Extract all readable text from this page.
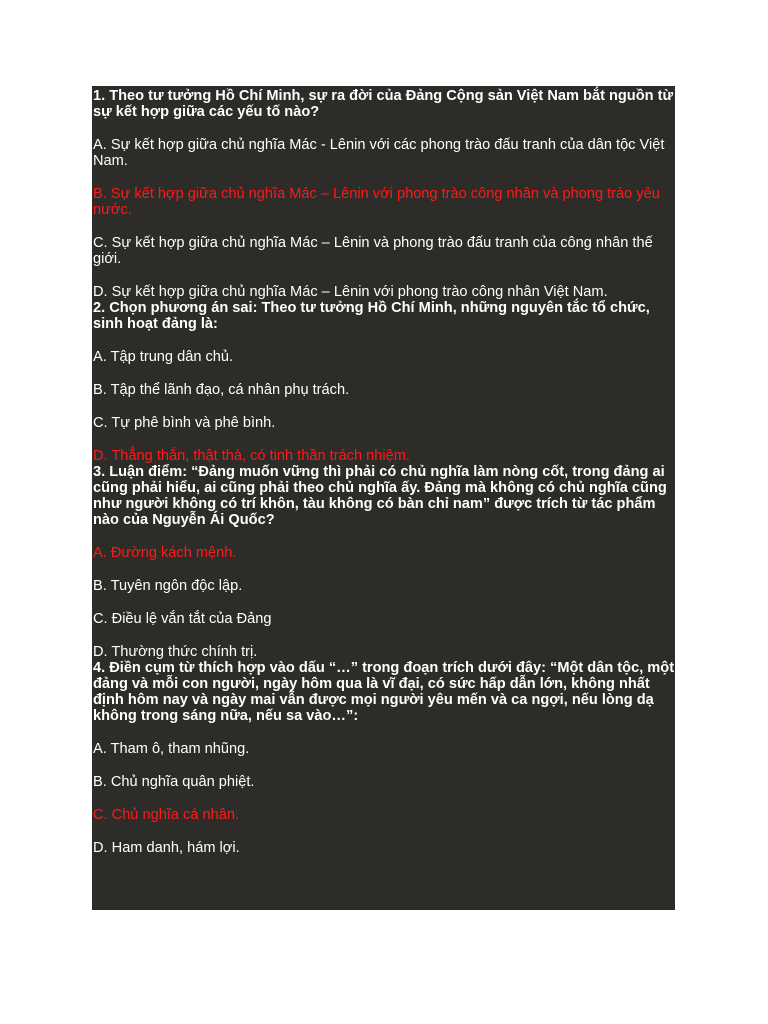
1. Theo tư tưởng Hồ Chí Minh, sự ra đời của Đảng Cộng sản Việt Nam bắt nguồn từ sự kết hợp giữa các yếu tố nào?
A. Sự kết hợp giữa chủ nghĩa Mác - Lênin với các phong trào đấu tranh của dân tộc Việt Nam.
B. Sự kết hợp giữa chủ nghĩa Mác – Lênin với phong trào công nhân và phong trào yêu nước.
C. Sự kết hợp giữa chủ nghĩa Mác – Lênin và phong trào đấu tranh của công nhân thế giới.
D. Sự kết hợp giữa chủ nghĩa Mác – Lênin với phong trào công nhân Việt Nam.
2. Chọn phương án sai: Theo tư tưởng Hồ Chí Minh, những nguyên tắc tổ chức, sinh hoạt đảng là:
A. Tập trung dân chủ.
B. Tập thể lãnh đạo, cá nhân phụ trách.
C. Tự phê bình và phê bình.
D. Thẳng thắn, thật thà, có tinh thần trách nhiệm.
3. Luận điểm: “Đảng muốn vững thì phải có chủ nghĩa làm nòng cốt, trong đảng ai cũng phải hiểu, ai cũng phải theo chủ nghĩa ấy. Đảng mà không có chủ nghĩa cũng như người không có trí khôn, tàu không có bàn chỉ nam” được trích từ tác phẩm nào của Nguyễn Ái Quốc?
A. Đường kách mệnh.
B. Tuyên ngôn độc lập.
C. Điều lệ vắn tắt của Đảng
D. Thường thức chính trị.
4. Điền cụm từ thích hợp vào dấu “…” trong đoạn trích dưới đây: “Một dân tộc, một đảng và mỗi con người, ngày hôm qua là vĩ đại, có sức hấp dẫn lớn, không nhất định hôm nay và ngày mai vẫn được mọi người yêu mến và ca ngợi, nếu lòng dạ không trong sáng nữa, nếu sa vào…”:
A. Tham ô, tham nhũng.
B. Chủ nghĩa quân phiệt.
C. Chủ nghĩa cá nhân.
D. Ham danh, hám lợi.
